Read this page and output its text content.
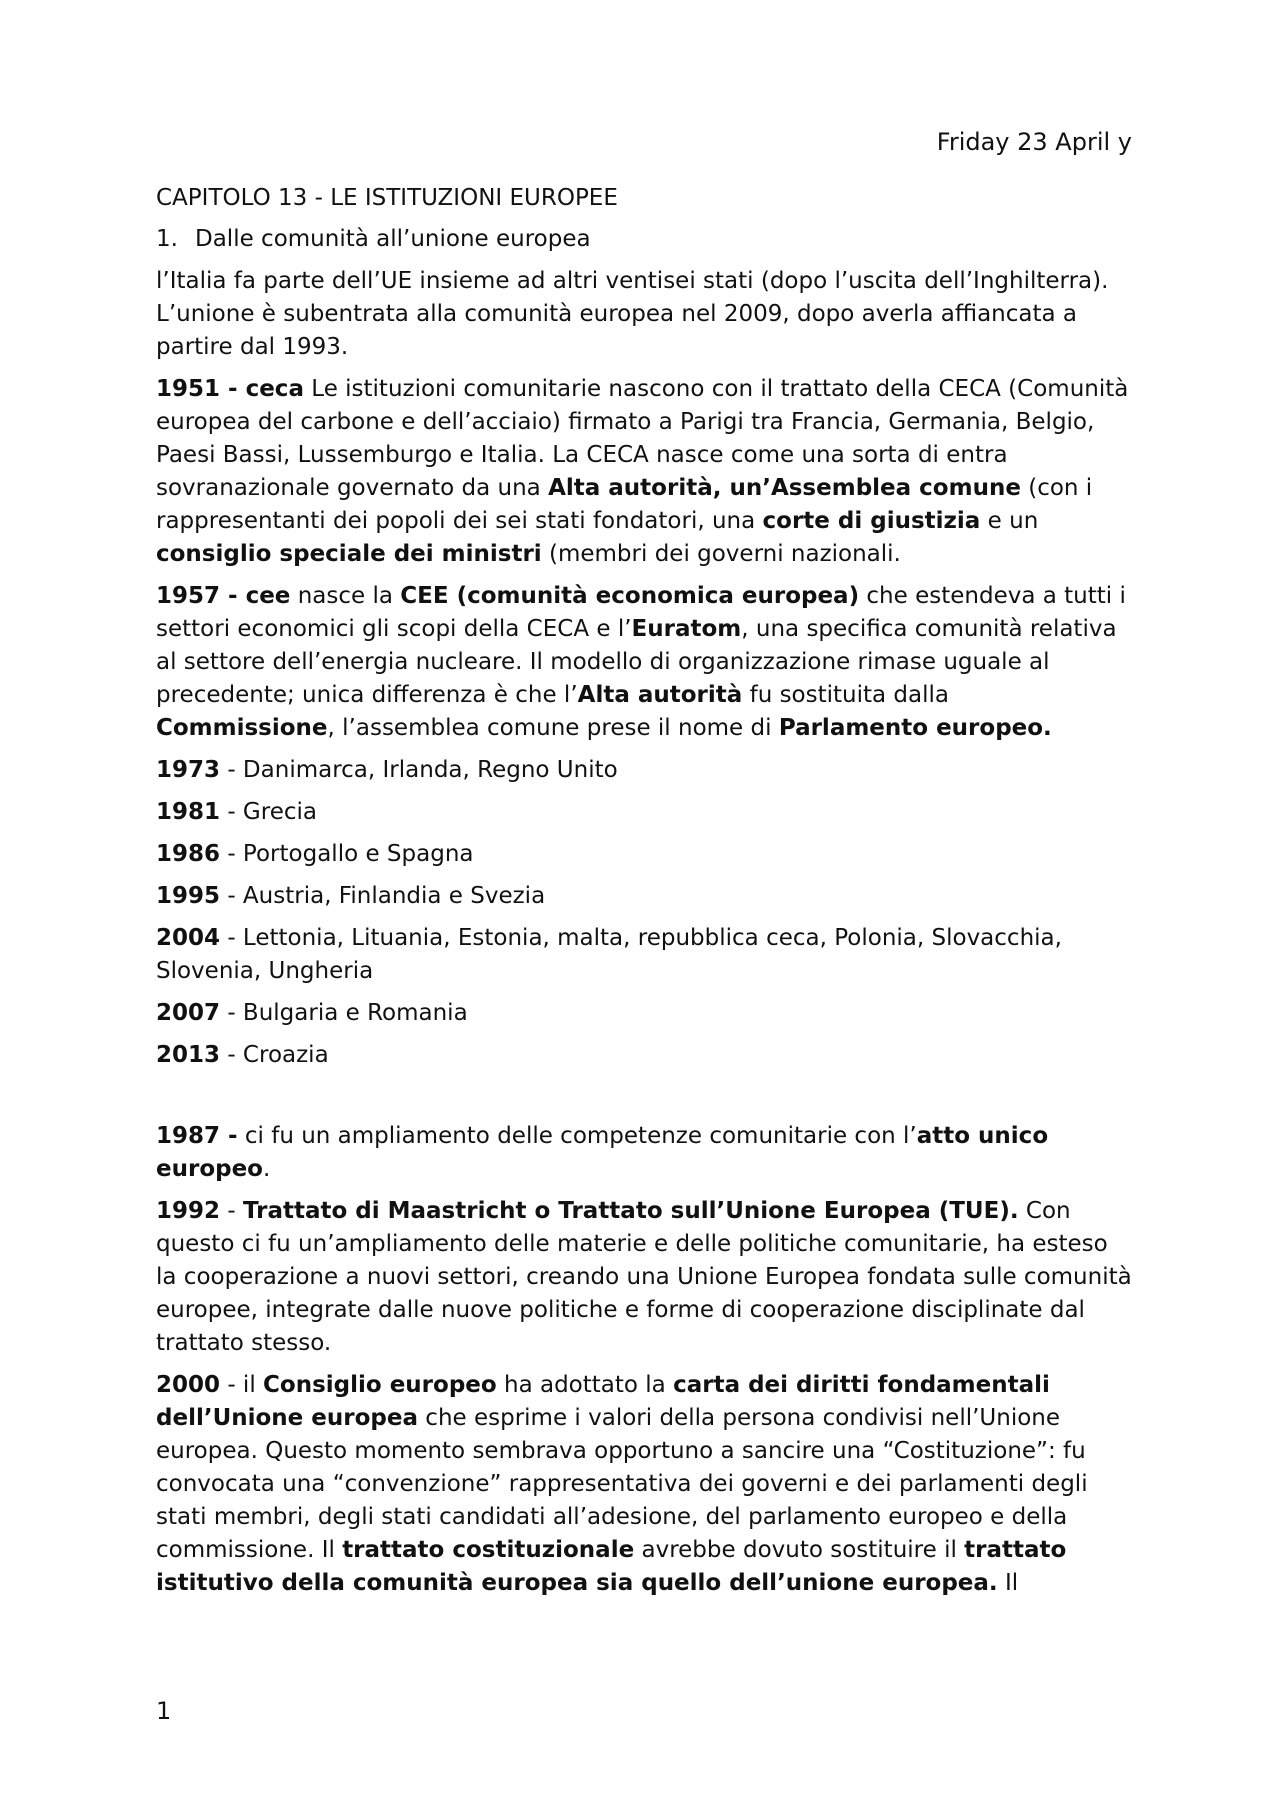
Friday 23 April y

CAPITOLO 13 - LE ISTITUZIONI EUROPEE

1. Dalle comunità all’unione europea

l’Italia fa parte dell’UE insieme ad altri ventisei stati (dopo l’uscita dell’Inghilterra). L’unione è subentrata alla comunità europea nel 2009, dopo averla affiancata a partire dal 1993.

1951 - ceca Le istituzioni comunitarie nascono con il trattato della CECA (Comunità europea del carbone e dell’acciaio) firmato a Parigi tra Francia, Germania, Belgio, Paesi Bassi, Lussemburgo e Italia. La CECA nasce come una sorta di entra sovranazionale governato da una Alta autorità, un’Assemblea comune (con i rappresentanti dei popoli dei sei stati fondatori, una corte di giustizia e un consiglio speciale dei ministri (membri dei governi nazionali.

1957 - cee nasce la CEE (comunità economica europea) che estendeva a tutti i settori economici gli scopi della CECA e l’Euratom, una specifica comunità relativa al settore dell’energia nucleare. Il modello di organizzazione rimase uguale al precedente; unica differenza è che l’Alta autorità fu sostituita dalla Commissione, l’assemblea comune prese il nome di Parlamento europeo.

1973 - Danimarca, Irlanda, Regno Unito

1981 - Grecia

1986 - Portogallo e Spagna

1995 - Austria, Finlandia e Svezia

2004 - Lettonia, Lituania, Estonia, malta, repubblica ceca, Polonia, Slovacchia, Slovenia, Ungheria

2007 - Bulgaria e Romania

2013 - Croazia

1987 - ci fu un ampliamento delle competenze comunitarie con l’atto unico europeo.

1992 - Trattato di Maastricht o Trattato sull’Unione Europea (TUE). Con questo ci fu un’ampliamento delle materie e delle politiche comunitarie, ha esteso la cooperazione a nuovi settori, creando una Unione Europea fondata sulle comunità europee, integrate dalle nuove politiche e forme di cooperazione disciplinate dal trattato stesso.

2000 - il Consiglio europeo ha adottato la carta dei diritti fondamentali dell’Unione europea che esprime i valori della persona condivisi nell’Unione europea. Questo momento sembrava opportuno a sancire una “Costituzione”: fu convocata una “convenzione” rappresentativa dei governi e dei parlamenti degli stati membri, degli stati candidati all’adesione, del parlamento europeo e della commissione. Il trattato costituzionale avrebbe dovuto sostituire il trattato istitutivo della comunità europea sia quello dell’unione europea. Il

1
